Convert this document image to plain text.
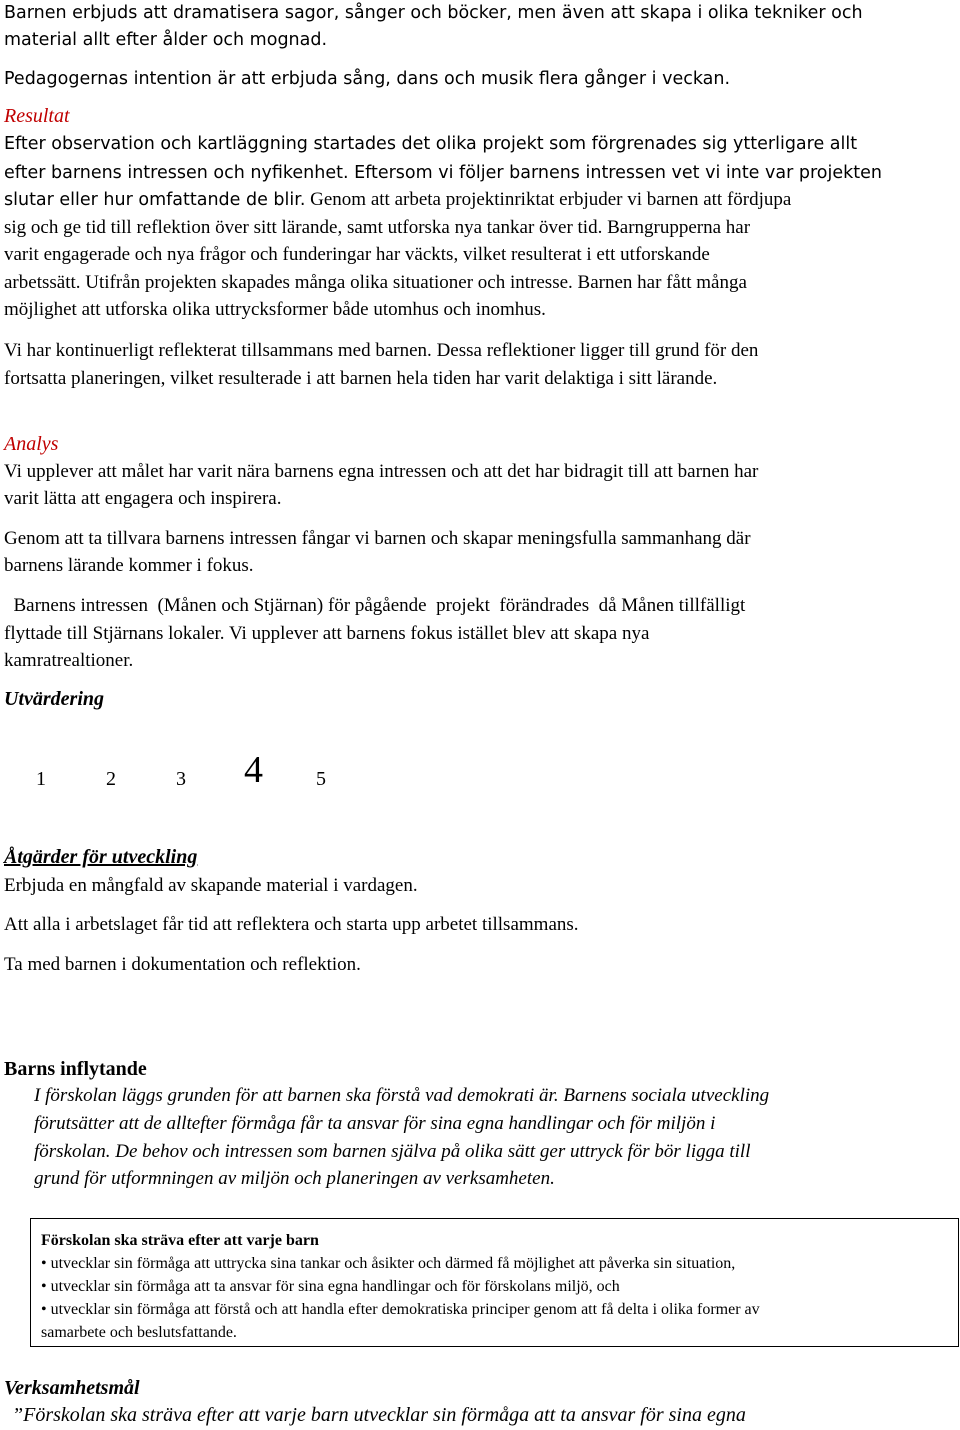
Barnen erbjuds att dramatisera sagor, sånger och böcker, men även att skapa i olika tekniker och

material allt efter ålder och mognad.

Pedagogernas intention är att erbjuda sång, dans och musik flera gånger i veckan.

Resultat

Efter observation och kartläggning startades det olika projekt som förgrenades sig ytterligare allt

efter barnens intressen och nyfikenhet. Eftersom vi följer barnens intressen vet vi inte var projekten

slutar eller hur omfattande de blir. Genom att arbeta projektinriktat erbjuder vi barnen att fördjupa

sig och ge tid till reflektion över sitt lärande, samt utforska nya tankar över tid. Barngrupperna har

varit engagerade och nya frågor och funderingar har väckts, vilket resulterat i ett utforskande

arbetssätt. Utifrån projekten skapades många olika situationer och intresse. Barnen har fått många

möjlighet att utforska olika uttrycksformer både utomhus och inomhus.

Vi har kontinuerligt reflekterat tillsammans med barnen. Dessa reflektioner ligger till grund för den

fortsatta planeringen, vilket resulterade i att barnen hela tiden har varit delaktiga i sitt lärande.

Analys

Vi upplever att målet har varit nära barnens egna intressen och att det har bidragit till att barnen har

varit lätta att engagera och inspirera.

Genom att ta tillvara barnens intressen fångar vi barnen och skapar meningsfulla sammanhang där

barnens lärande kommer i fokus.

Barnens intressen  (Månen och Stjärnan) för pågående  projekt  förändrades  då Månen tillfälligt

flyttade till Stjärnans lokaler. Vi upplever att barnens fokus istället blev att skapa nya

kamratrealtioner.

Utvärdering

1	2	3 4	5

Åtgärder för utveckling

Erbjuda en mångfald av skapande material i vardagen.

Att alla i arbetslaget får tid att reflektera och starta upp arbetet tillsammans.

Ta med barnen i dokumentation och reflektion.

Barns inflytande

I förskolan läggs grunden för att barnen ska förstå vad demokrati är. Barnens sociala utveckling

förutsätter att de alltefter förmåga får ta ansvar för sina egna handlingar och för miljön i

förskolan. De behov och intressen som barnen själva på olika sätt ger uttryck för bör ligga till

grund för utformningen av miljön och planeringen av verksamheten.

Förskolan ska sträva efter att varje barn

• utvecklar sin förmåga att uttrycka sina tankar och åsikter och därmed få möjlighet att påverka sin situation,

• utvecklar sin förmåga att ta ansvar för sina egna handlingar och för förskolans miljö, och

• utvecklar sin förmåga att förstå och att handla efter demokratiska principer genom att få delta i olika former av

samarbete och beslutsfattande.

Verksamhetsmål

”Förskolan ska sträva efter att varje barn utvecklar sin förmåga att ta ansvar för sina egna
